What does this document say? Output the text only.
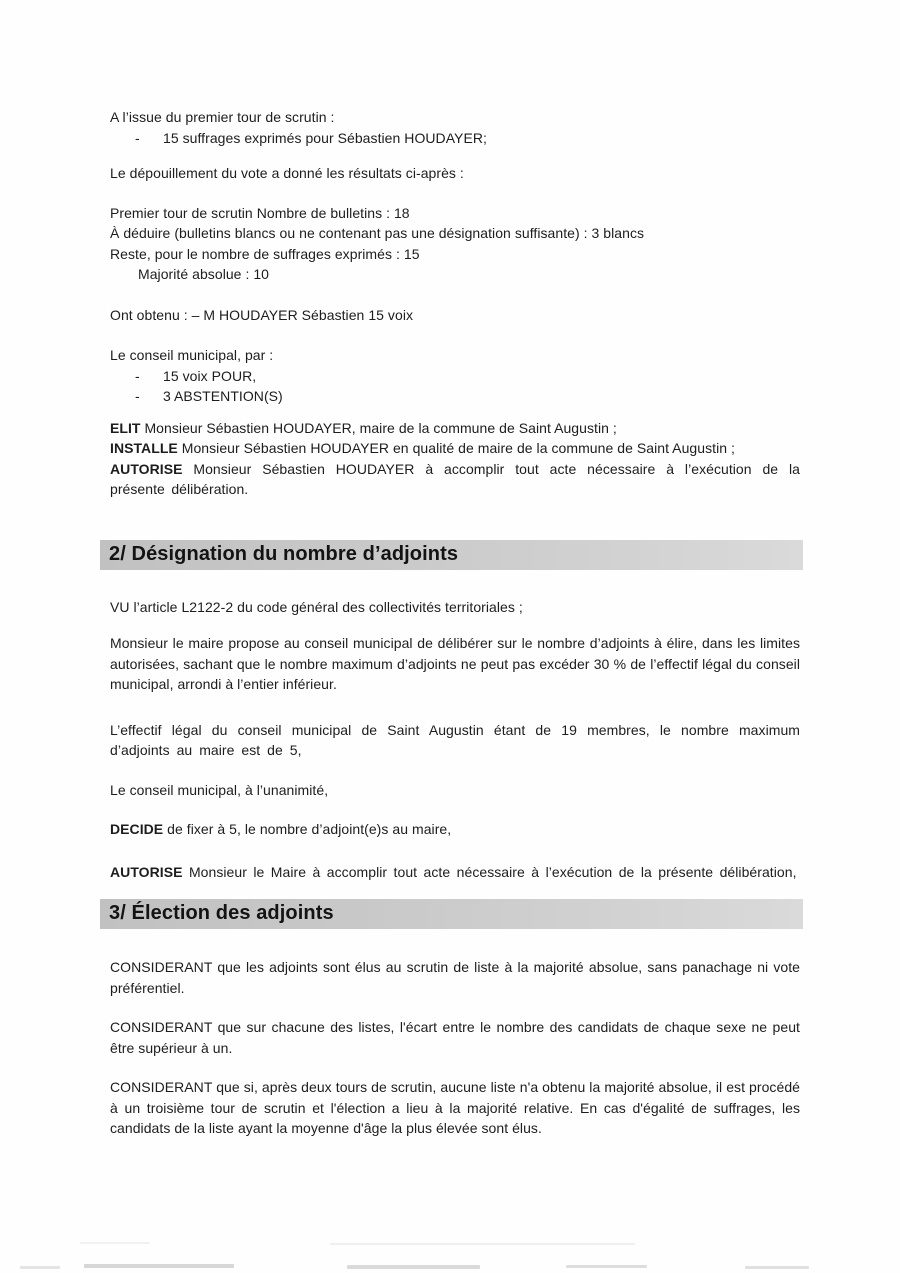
A l’issue du premier tour de scrutin :
- 15 suffrages exprimés pour Sébastien HOUDAYER;
Le dépouillement du vote a donné les résultats ci-après :
Premier tour de scrutin Nombre de bulletins : 18
À déduire (bulletins blancs ou ne contenant pas une désignation suffisante) : 3 blancs
Reste, pour le nombre de suffrages exprimés : 15
Majorité absolue : 10
Ont obtenu : – M HOUDAYER Sébastien 15 voix
Le conseil municipal, par :
- 15 voix POUR,
- 3 ABSTENTION(S)
ELIT Monsieur Sébastien HOUDAYER, maire de la commune de Saint Augustin ;
INSTALLE Monsieur Sébastien HOUDAYER en qualité de maire de la commune de Saint Augustin ;
AUTORISE Monsieur Sébastien HOUDAYER à accomplir tout acte nécessaire à l’exécution de la présente délibération.
2/ Désignation du nombre d’adjoints
VU l’article L2122-2 du code général des collectivités territoriales ;
Monsieur le maire propose au conseil municipal de délibérer sur le nombre d’adjoints à élire, dans les limites autorisées, sachant que le nombre maximum d’adjoints ne peut pas excéder 30 % de l’effectif légal du conseil municipal, arrondi à l’entier inférieur.
L’effectif légal du conseil municipal de Saint Augustin étant de 19 membres, le nombre maximum d’adjoints au maire est de 5,
Le conseil municipal, à l’unanimité,
DECIDE de fixer à 5, le nombre d’adjoint(e)s au maire,
AUTORISE Monsieur le Maire à accomplir tout acte nécessaire à l’exécution de la présente délibération,
3/ Élection des adjoints
CONSIDERANT que les adjoints sont élus au scrutin de liste à la majorité absolue, sans panachage ni vote préférentiel.
CONSIDERANT que sur chacune des listes, l'écart entre le nombre des candidats de chaque sexe ne peut être supérieur à un.
CONSIDERANT que si, après deux tours de scrutin, aucune liste n'a obtenu la majorité absolue, il est procédé à un troisième tour de scrutin et l'élection a lieu à la majorité relative. En cas d'égalité de suffrages, les candidats de la liste ayant la moyenne d'âge la plus élevée sont élus.
